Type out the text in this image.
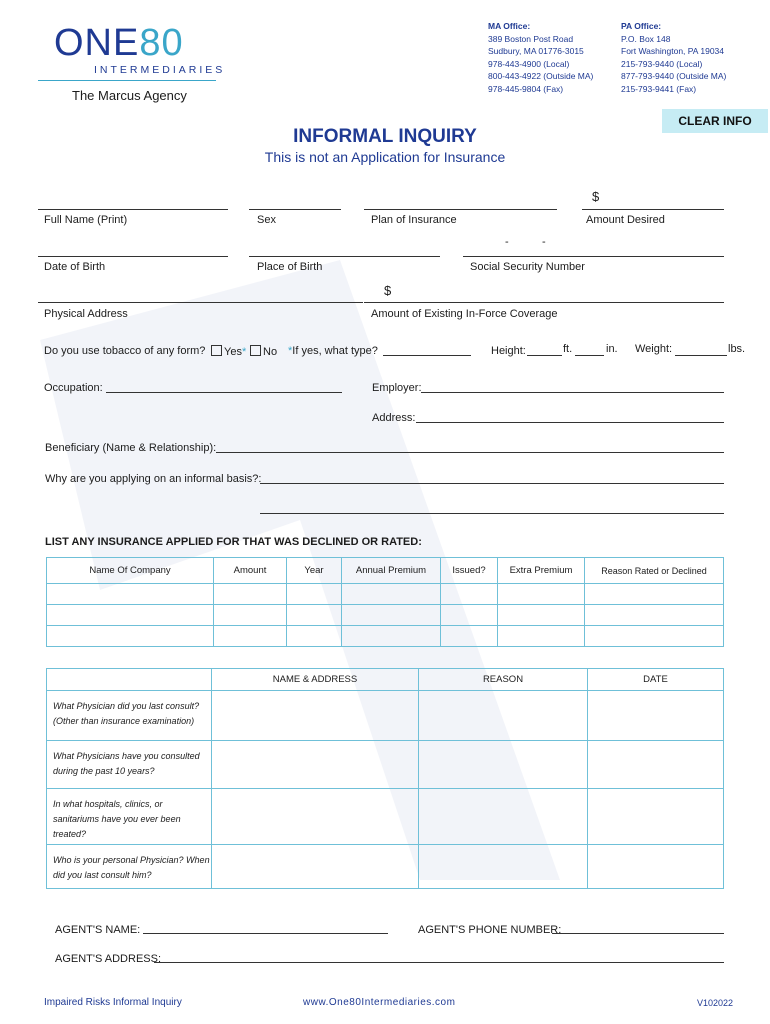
ONE80
INTERMEDIARIES
The Marcus Agency
MA Office:
389 Boston Post Road
Sudbury, MA 01776-3015
978-443-4900 (Local)
800-443-4922 (Outside MA)
978-445-9804 (Fax)
PA Office:
P.O. Box 148
Fort Washington, PA 19034
215-793-9440 (Local)
877-793-9440 (Outside MA)
215-793-9441 (Fax)
CLEAR INFO
INFORMAL INQUIRY
This is not an Application for Insurance
$
Full Name (Print)	Sex	Plan of Insurance	Amount Desired
-	-
Date of Birth	Place of Birth	Social Security Number
$
Physical Address	Amount of Existing In-Force Coverage
Do you use tobacco of any form?	Yes*	No *If yes, what type?	Height:	ft.	in. Weight:	lbs.
Occupation:	Employer:
Address:
Beneficiary (Name & Relationship):
Why are you applying on an informal basis?:
LIST ANY INSURANCE APPLIED FOR THAT WAS DECLINED OR RATED:
Name Of Company	Amount	Year	Annual Premium	Issued?	Extra Premium	Reason Rated or Declined

	NAME & ADDRESS	REASON	DATE
What Physician did you last consult? (Other than insurance examination)			
What Physicians have you consulted during the past 10 years?			
In what hospitals, clinics, or sanitariums have you ever been treated?			
Who is your personal Physician? When did you last consult him?			
AGENT'S NAME:	AGENT'S PHONE NUMBER:
AGENT'S ADDRESS:
Impaired Risks Informal Inquiry	www.One80Intermediaries.com	V102022
